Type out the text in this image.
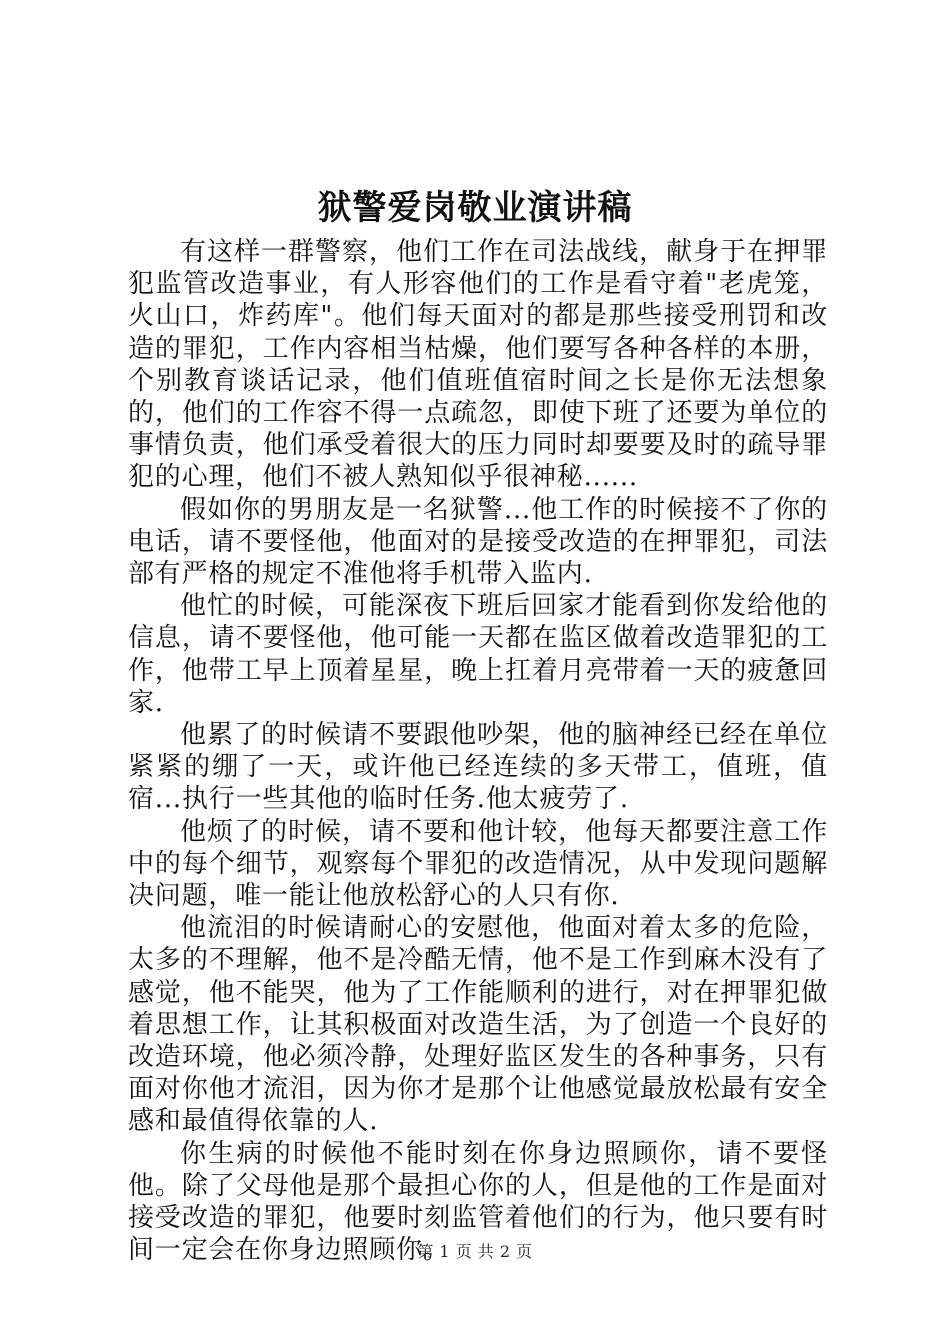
狱警爱岗敬业演讲稿

有这样一群警察，他们工作在司法战线，献身于在押罪犯监管改造事业，有人形容他们的工作是看守着"老虎笼，火山口，炸药库"。他们每天面对的都是那些接受刑罚和改造的罪犯，工作内容相当枯燥，他们要写各种各样的本册，个别教育谈话记录，他们值班值宿时间之长是你无法想象的，他们的工作容不得一点疏忽，即使下班了还要为单位的事情负责，他们承受着很大的压力同时却要要及时的疏导罪犯的心理，他们不被人熟知似乎很神秘......

假如你的男朋友是一名狱警...他工作的时候接不了你的电话，请不要怪他，他面对的是接受改造的在押罪犯，司法部有严格的规定不准他将手机带入监内.

他忙的时候，可能深夜下班后回家才能看到你发给他的信息，请不要怪他，他可能一天都在监区做着改造罪犯的工作，他带工早上顶着星星，晚上扛着月亮带着一天的疲惫回家.

他累了的时候请不要跟他吵架，他的脑神经已经在单位紧紧的绷了一天，或许他已经连续的多天带工，值班，值宿...执行一些其他的临时任务.他太疲劳了.

他烦了的时候，请不要和他计较，他每天都要注意工作中的每个细节，观察每个罪犯的改造情况，从中发现问题解决问题，唯一能让他放松舒心的人只有你.

他流泪的时候请耐心的安慰他，他面对着太多的危险，太多的不理解，他不是冷酷无情，他不是工作到麻木没有了感觉，他不能哭，他为了工作能顺利的进行，对在押罪犯做着思想工作，让其积极面对改造生活，为了创造一个良好的改造环境，他必须冷静，处理好监区发生的各种事务，只有面对你他才流泪，因为你才是那个让他感觉最放松最有安全感和最值得依靠的人.

你生病的时候他不能时刻在你身边照顾你，请不要怪他。除了父母他是那个最担心你的人，但是他的工作是面对接受改造的罪犯，他要时刻监管着他们的行为，他只要有时间一定会在你身边照顾你。

第 1 页 共 2 页
